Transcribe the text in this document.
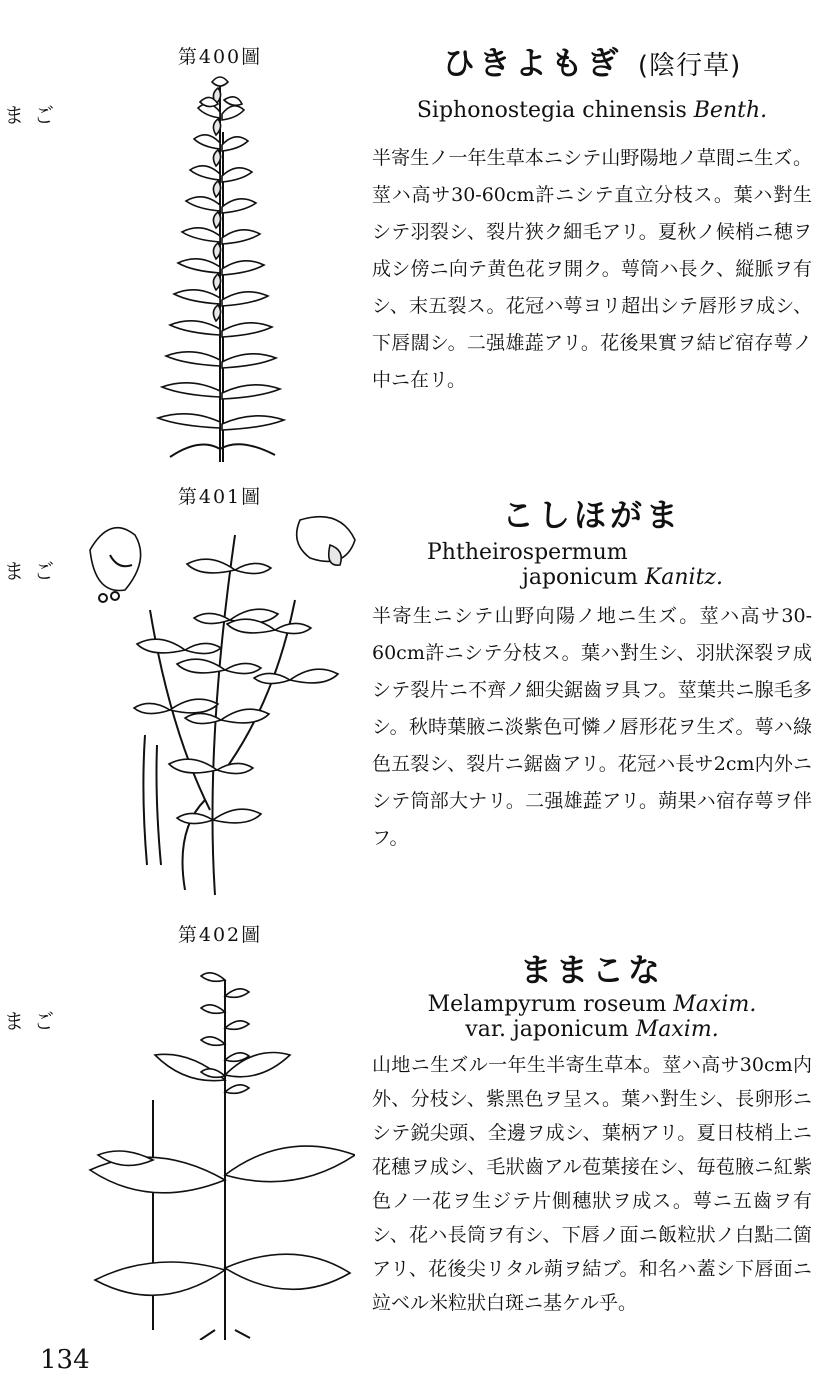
第400圖
ごま
ひきよもぎ (陰行草)
Siphonostegia chinensis Benth.
半寄生ノ一年生草本ニシテ山野陽地ノ草間ニ生ズ。莖ハ高サ30-60cm許ニシテ直立分枝ス。葉ハ對生シテ羽裂シ、裂片狹ク細毛アリ。夏秋ノ候梢ニ穂ヲ成シ傍ニ向テ黄色花ヲ開ク。萼筒ハ長ク、縦脈ヲ有シ、末五裂ス。花冠ハ萼ヨリ超出シテ唇形ヲ成シ、下唇闊シ。二强雄蕋アリ。花後果實ヲ結ビ宿存萼ノ中ニ在リ。
第401圖
ごま
こしほがま
Phtheirospermum
japonicum Kanitz.
半寄生ニシテ山野向陽ノ地ニ生ズ。莖ハ高サ30-60cm許ニシテ分枝ス。葉ハ對生シ、羽狀深裂ヲ成シテ裂片ニ不齊ノ細尖鋸齒ヲ具フ。莖葉共ニ腺毛多シ。秋時葉腋ニ淡紫色可憐ノ唇形花ヲ生ズ。萼ハ綠色五裂シ、裂片ニ鋸齒アリ。花冠ハ長サ2cm内外ニシテ筒部大ナリ。二强雄蕋アリ。蒴果ハ宿存萼ヲ伴フ。
第402圖
ごま
ままこな
Melampyrum roseum Maxim.
var. japonicum Maxim.
山地ニ生ズル一年生半寄生草本。莖ハ高サ30cm内外、分枝シ、紫黑色ヲ呈ス。葉ハ對生シ、長卵形ニシテ鋭尖頭、全邊ヲ成シ、葉柄アリ。夏日枝梢上ニ花穗ヲ成シ、毛狀齒アル苞葉接在シ、毎苞腋ニ紅紫色ノ一花ヲ生ジテ片側穗狀ヲ成ス。萼ニ五齒ヲ有シ、花ハ長筒ヲ有シ、下唇ノ面ニ飯粒狀ノ白點二箇アリ、花後尖リタル蒴ヲ結ブ。和名ハ蓋シ下唇面ニ竝ベル米粒狀白斑ニ基ケル乎。
134
